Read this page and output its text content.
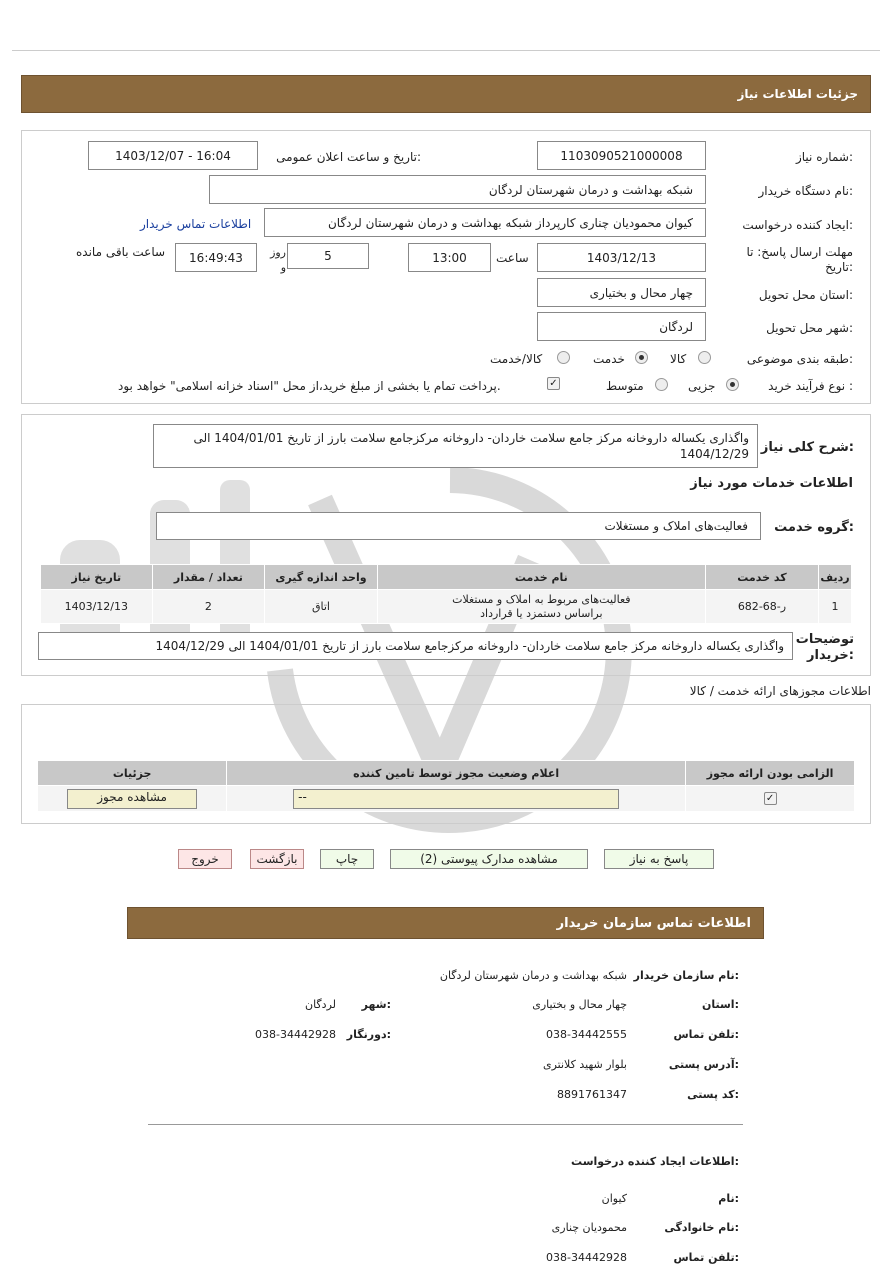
جزئیات اطلاعات نیاز
شماره نیاز:
1103090521000008
تاریخ و ساعت اعلان عمومی:
1403/12/07 - 16:04
نام دستگاه خریدار:
شبکه بهداشت و درمان شهرستان لردگان
ایجاد کننده درخواست:
کیوان محمودیان چناری کارپرداز شبکه بهداشت و درمان شهرستان لردگان
اطلاعات تماس خریدار
مهلت ارسال پاسخ: تا تاریخ:
1403/12/13
ساعت
13:00
5
روز و
16:49:43
ساعت باقی مانده
استان محل تحویل:
چهار محال و بختیاری
شهر محل تحویل:
لردگان
طبقه بندی موضوعی:
کالا
خدمت
کالا/خدمت
نوع فرآیند خرید :
جزیی
متوسط
✓
پرداخت تمام یا بخشی از مبلغ خرید،از محل "اسناد خزانه اسلامی" خواهد بود.
شرح کلی نیاز:
واگذاری یکساله داروخانه مرکز جامع سلامت خاردان- داروخانه مرکزجامع سلامت بارز از تاریخ 1404/01/01 الی 1404/12/29
اطلاعات خدمات مورد نیاز
گروه خدمت:
فعالیت‌های املاک و مستغلات
تاریخ نیاز	تعداد / مقدار	واحد اندازه گیری	نام خدمت	کد خدمت	ردیف
1403/12/13	2	اتاق	فعالیت‌های مربوط به املاک و مستغلات براساس دستمزد یا قرارداد	ر-68-682	1
توضیحات خریدار:
واگذاری یکساله داروخانه مرکز جامع سلامت خاردان- داروخانه مرکزجامع سلامت بارز از تاریخ 1404/01/01 الی 1404/12/29
اطلاعات مجوزهای ارائه خدمت / کالا
جزئیات	اعلام وضعیت مجوز توسط تامین کننده	الزامی بودن ارائه مجوز

مشاهده مجوز	--	✓
پاسخ به نیاز
مشاهده مدارک پیوستی (2)
چاپ
بازگشت
خروج
اطلاعات تماس سازمان خریدار
نام سازمان خریدار:
شبکه بهداشت و درمان شهرستان لردگان
استان:
چهار محال و بختیاری
شهر:
لردگان
تلفن تماس:
038-34442555
دورنگار:
038-34442928
آدرس پستی:
بلوار شهید کلانتری
کد پستی:
8891761347
اطلاعات ایجاد کننده درخواست:
نام:
کیوان
نام خانوادگی:
محمودیان چناری
تلفن تماس:
038-34442928
